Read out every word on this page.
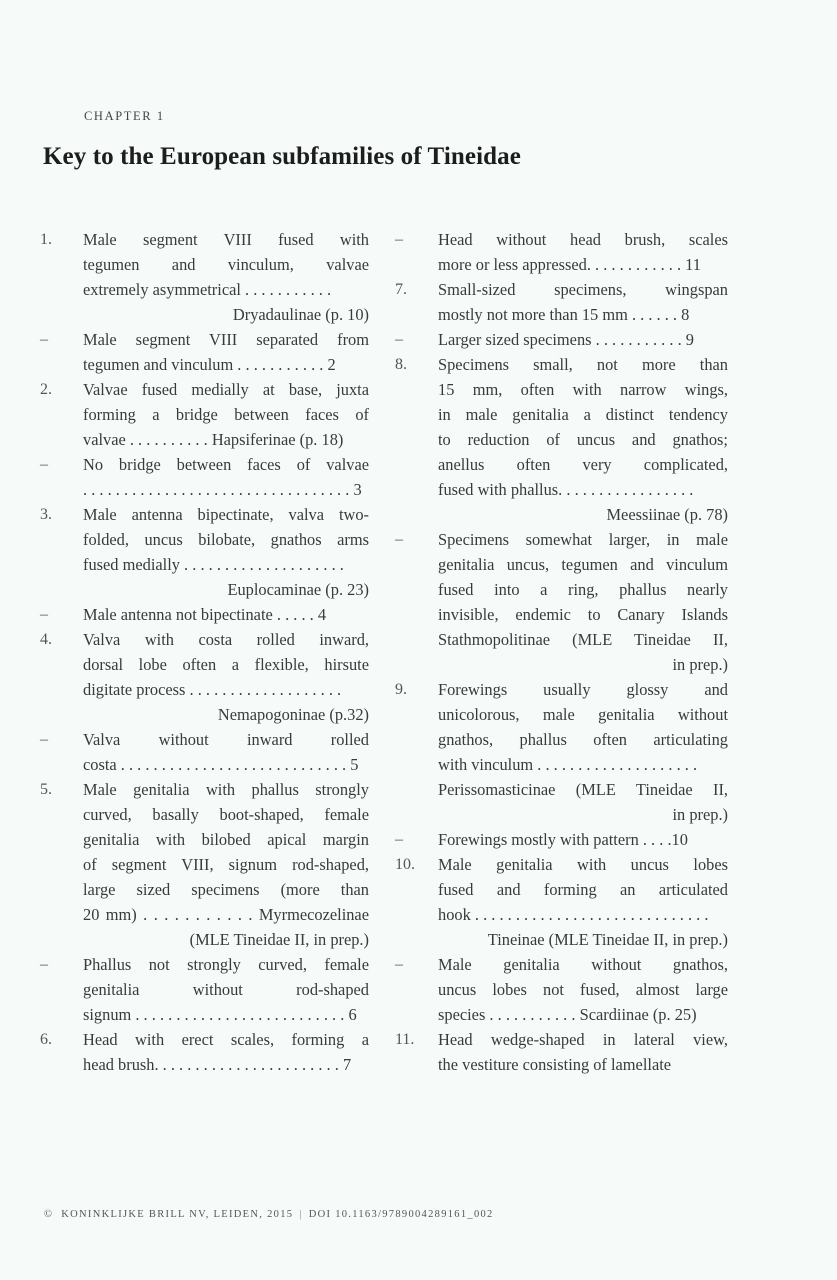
CHAPTER 1
Key to the European subfamilies of Tineidae
1. Male segment VIII fused with
tegumen and vinculum, valvae
extremely asymmetrical . . . . . . . . . . .
Dryadaulinae (p. 10)
– Male segment VIII separated from
tegumen and vinculum . . . . . . . . . . . 2
2. Valvae fused medially at base, juxta
forming a bridge between faces of
valvae . . . . . . . . . . Hapsiferinae (p. 18)
– No bridge between faces of valvae
. . . . . . . . . . . . . . . . . . . . . . . . . . . . . . . . . 3
3. Male antenna bipectinate, valva two-
folded, uncus bilobate, gnathos arms
fused medially . . . . . . . . . . . . . . . . . . . .
Euplocaminae (p. 23)
– Male antenna not bipectinate . . . . . 4
4. Valva with costa rolled inward,
dorsal lobe often a flexible, hirsute
digitate process . . . . . . . . . . . . . . . . . . .
Nemapogoninae (p.32)
– Valva without inward rolled
costa . . . . . . . . . . . . . . . . . . . . . . . . . . . . 5
5. Male genitalia with phallus strongly
curved, basally boot-shaped, female
genitalia with bilobed apical margin
of segment VIII, signum rod-shaped,
large sized specimens (more than
20 mm) . . . . . . . . . . . Myrmecozelinae
(MLE Tineidae II, in prep.)
– Phallus not strongly curved, female
genitalia without rod-shaped
signum . . . . . . . . . . . . . . . . . . . . . . . . . . 6
6. Head with erect scales, forming a
head brush. . . . . . . . . . . . . . . . . . . . . . . 7
– Head without head brush, scales
more or less appressed. . . . . . . . . . . . 11
7. Small-sized specimens, wingspan
mostly not more than 15 mm . . . . . . 8
– Larger sized specimens . . . . . . . . . . . 9
8. Specimens small, not more than
15 mm, often with narrow wings,
in male genitalia a distinct tendency
to reduction of uncus and gnathos;
anellus often very complicated,
fused with phallus. . . . . . . . . . . . . . . . .
Meessiinae (p. 78)
– Specimens somewhat larger, in male
genitalia uncus, tegumen and vinculum
fused into a ring, phallus nearly
invisible, endemic to Canary Islands
Stathmopolitinae (MLE Tineidae II,
in prep.)
9. Forewings usually glossy and
unicolorous, male genitalia without
gnathos, phallus often articulating
with vinculum . . . . . . . . . . . . . . . . . . . .
Perissomasticinae (MLE Tineidae II,
in prep.)
– Forewings mostly with pattern . . . .10
10. Male genitalia with uncus lobes
fused and forming an articulated
hook . . . . . . . . . . . . . . . . . . . . . . . . . . . . .
Tineinae (MLE Tineidae II, in prep.)
– Male genitalia without gnathos,
uncus lobes not fused, almost large
species . . . . . . . . . . . Scardiinae (p. 25)
11. Head wedge-shaped in lateral view,
the vestiture consisting of lamellate
© KONINKLIJKE BRILL NV, LEIDEN, 2015 | DOI 10.1163/9789004289161_002
